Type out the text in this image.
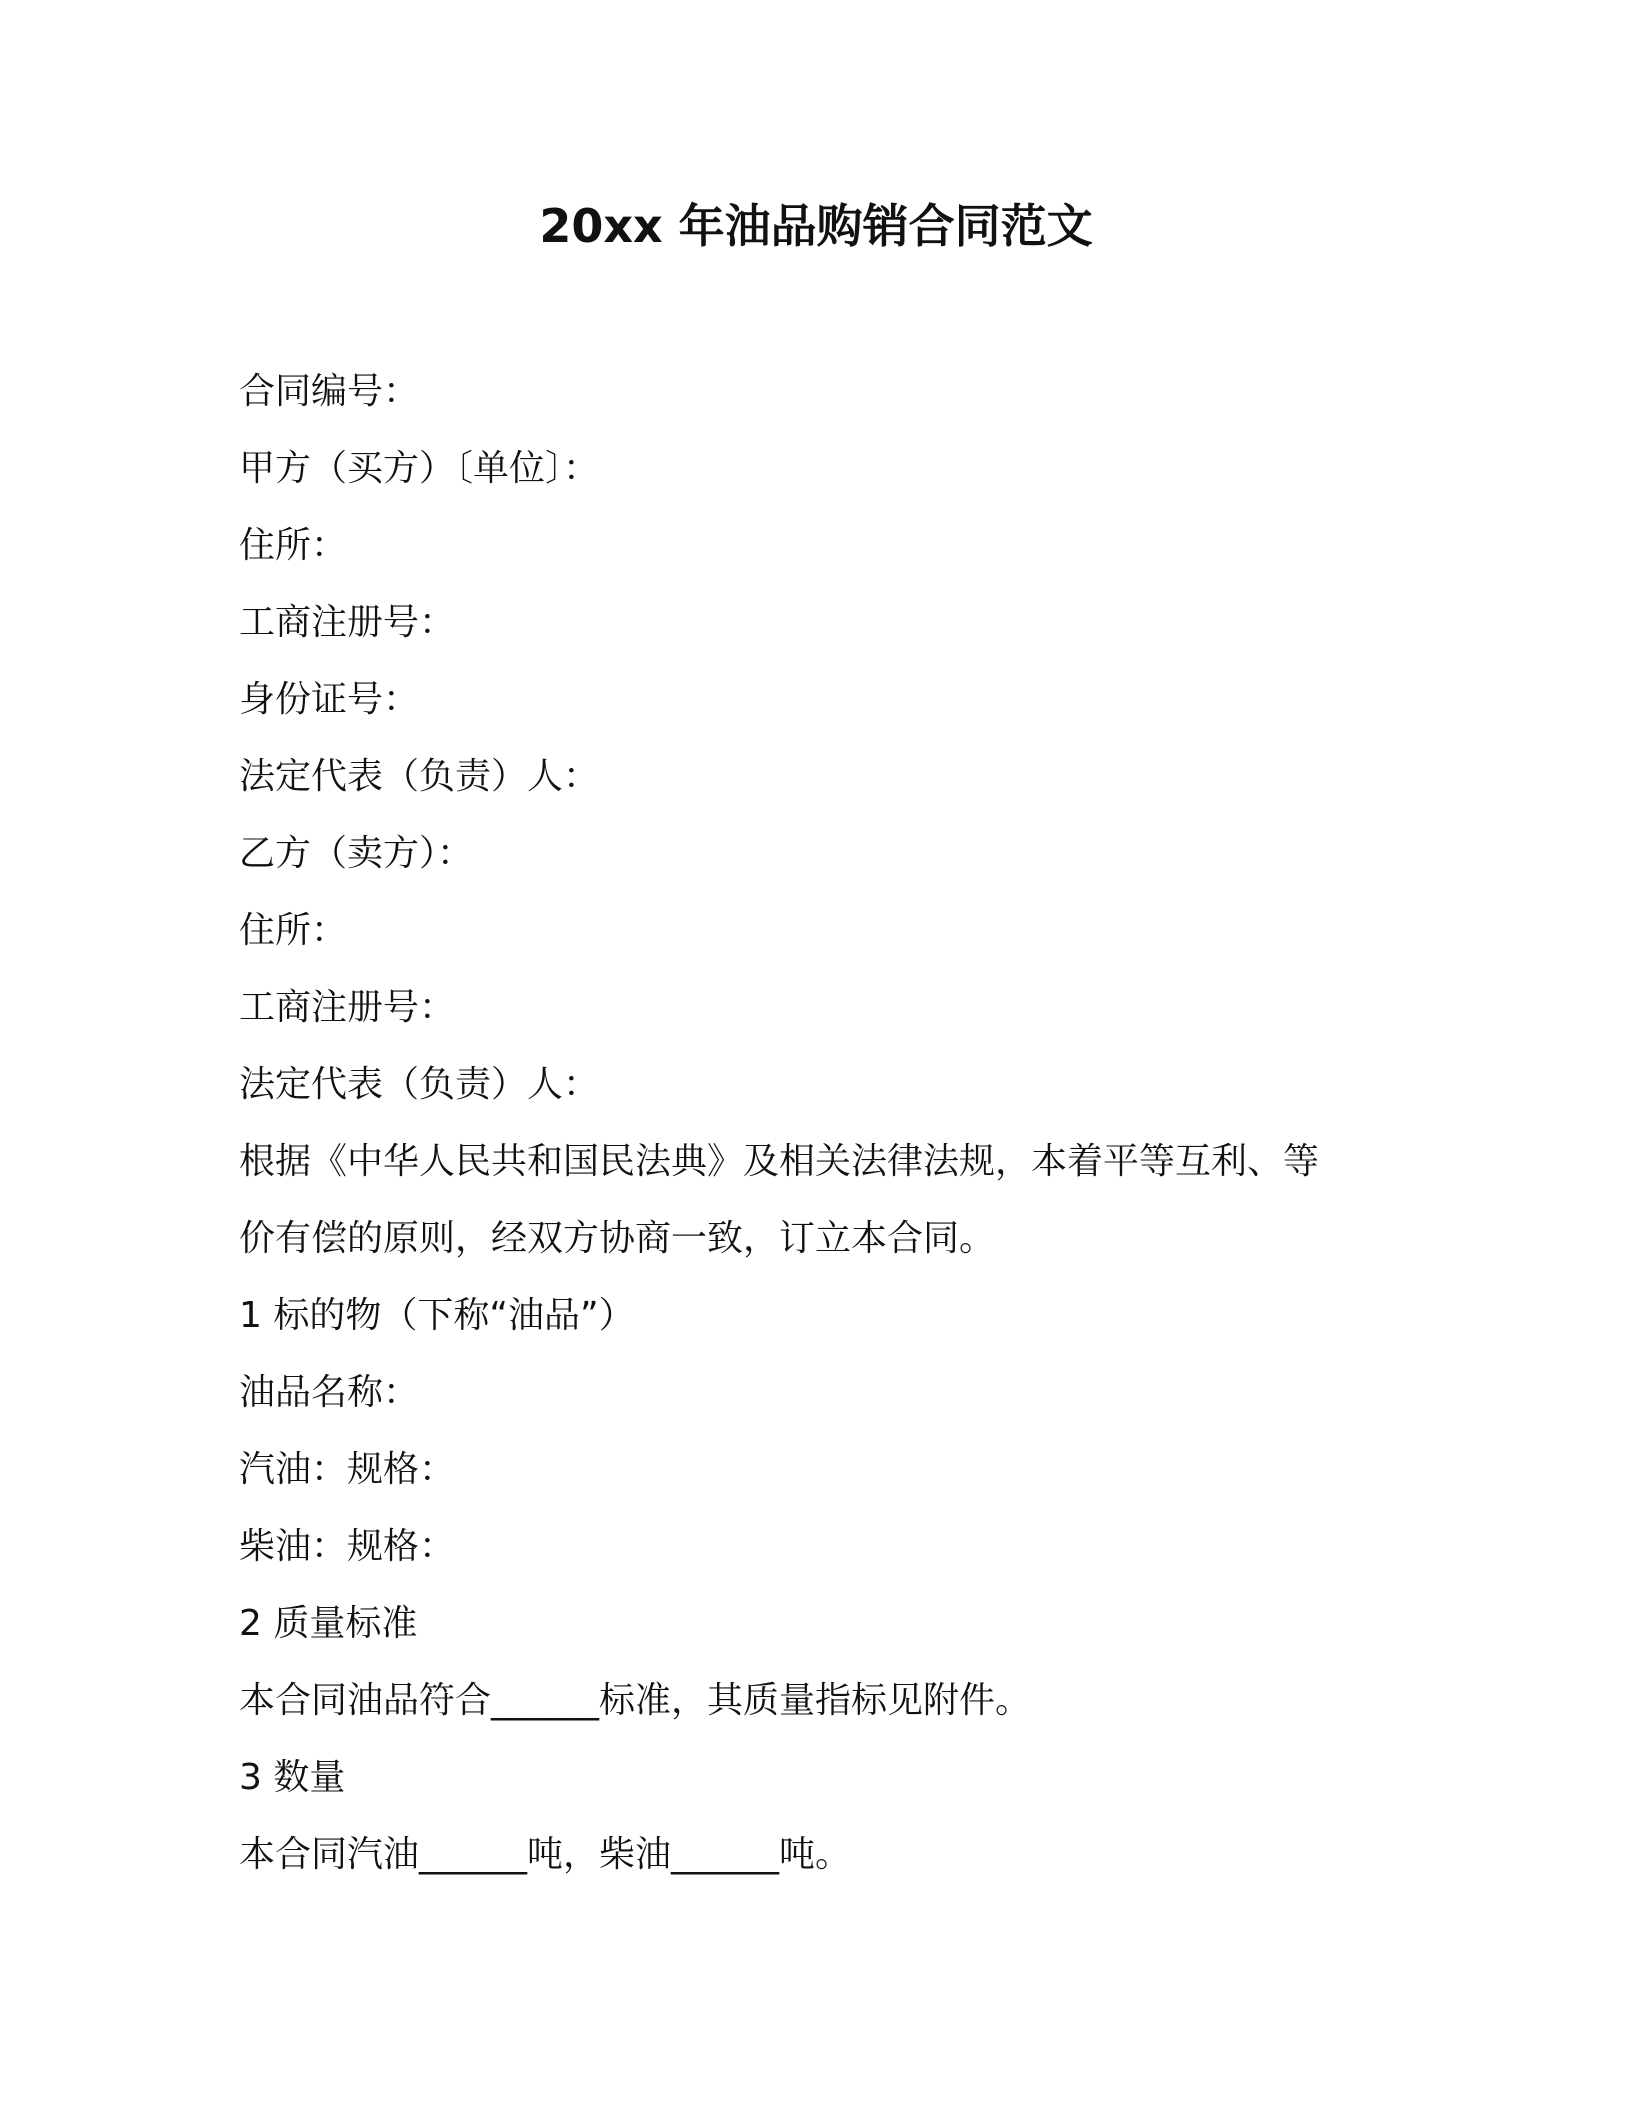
20xx 年油品购销合同范文
合同编号：
甲方（买方）〔单位〕：
住所：
工商注册号：
身份证号：
法定代表（负责）人：
乙方（卖方）：
住所：
工商注册号：
法定代表（负责）人：
根据《中华人民共和国民法典》及相关法律法规，本着平等互利、等
价有偿的原则，经双方协商一致，订立本合同。
1 标的物（下称“油品”）
油品名称：
汽油：规格：
柴油：规格：
2 质量标准
本合同油品符合______标准，其质量指标见附件。
3 数量
本合同汽油______吨，柴油______吨。
